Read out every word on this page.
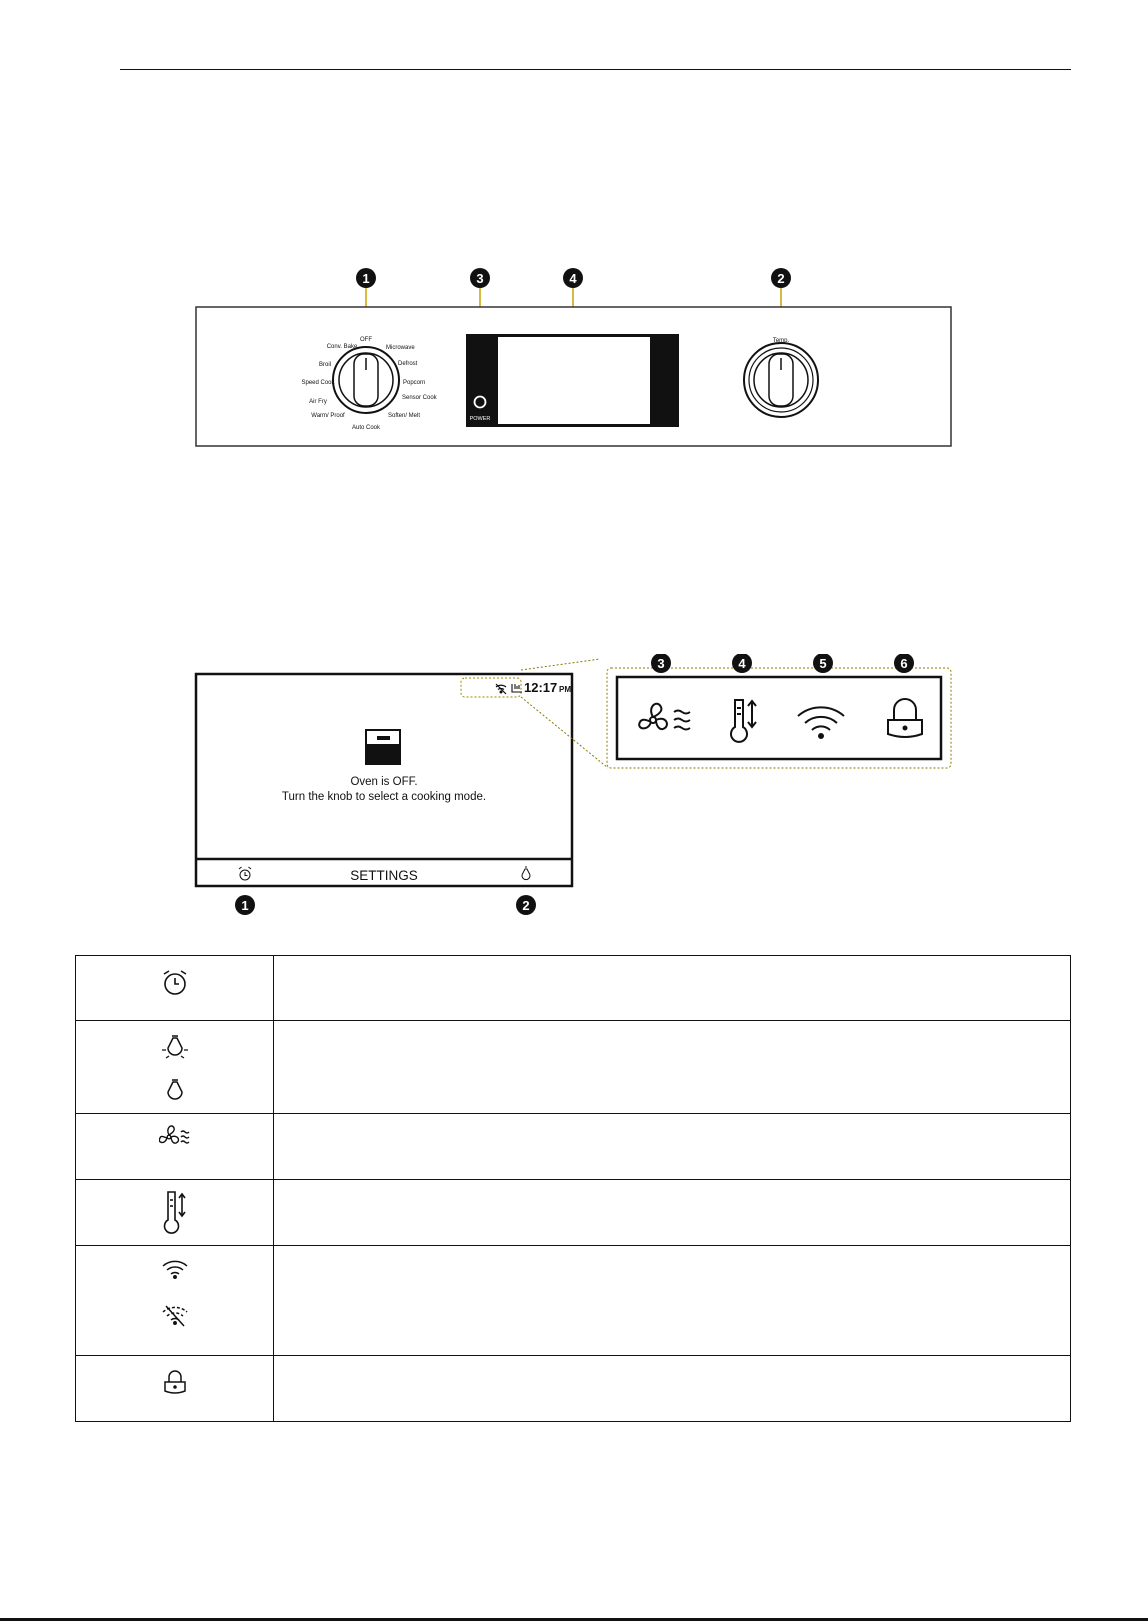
1	3	4	2
OFF
Microwave
Defrost
Popcorn
Sensor Cook
Soften/ Melt
Auto Cook
Warm/ Proof
Air Fry
Speed Cook
Broil
Conv. Bake
POWER
Temp.
12:17 PM
Oven is OFF.
Turn the knob to select a cooking mode.
SETTINGS
1	2
3	4	5	6
